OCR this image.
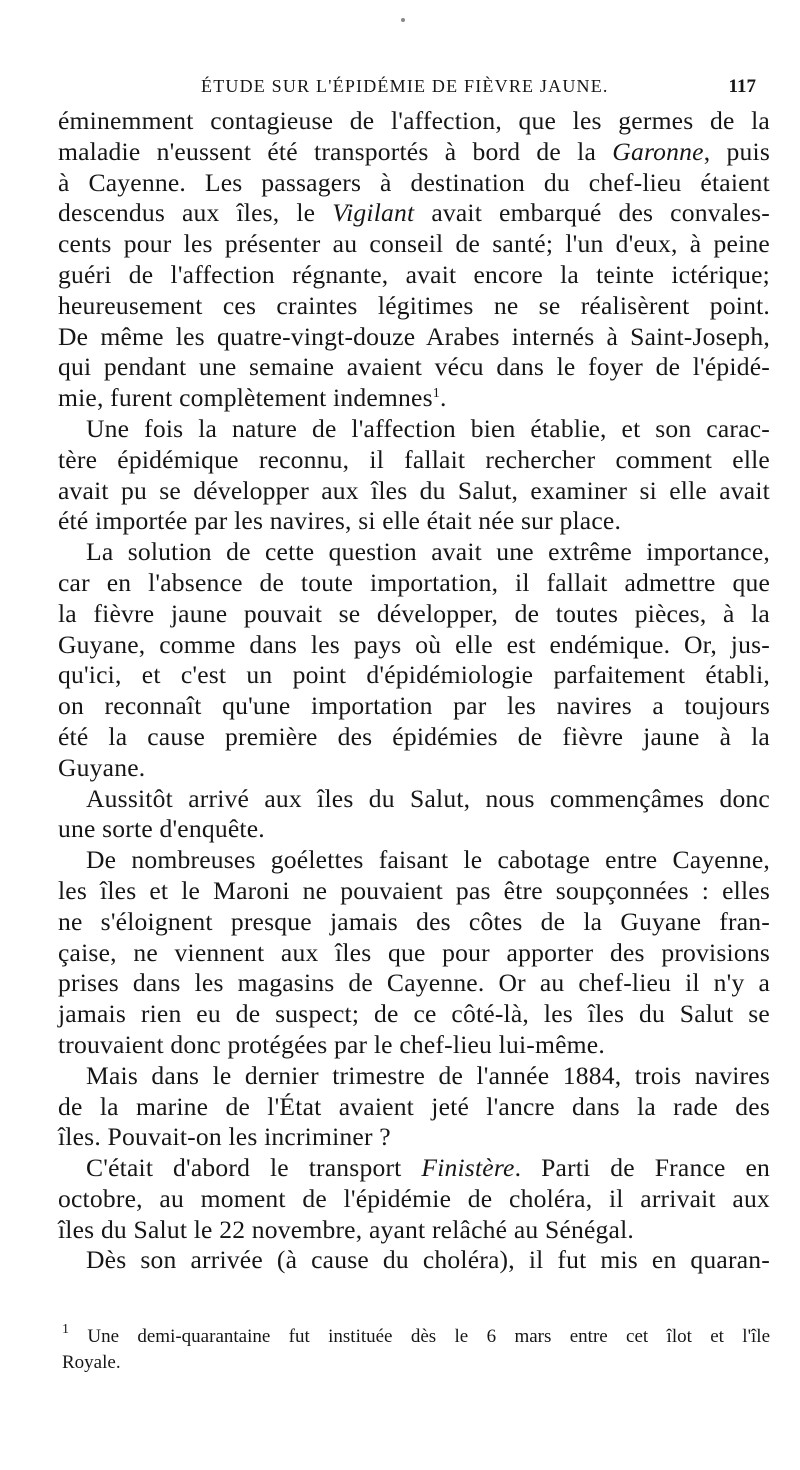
ÉTUDE SUR L'ÉPIDÉMIE DE FIÈVRE JAUNE.	117
éminemment contagieuse de l'affection, que les germes de la
maladie n'eussent été transportés à bord de la Garonne, puis
à Cayenne. Les passagers à destination du chef-lieu étaient
descendus aux îles, le Vigilant avait embarqué des convales-
cents pour les présenter au conseil de santé; l'un d'eux, à peine
guéri de l'affection régnante, avait encore la teinte ictérique;
heureusement ces craintes légitimes ne se réalisèrent point.
De même les quatre-vingt-douze Arabes internés à Saint-Joseph,
qui pendant une semaine avaient vécu dans le foyer de l'épidé-
mie, furent complètement indemnes$^1$.
Une fois la nature de l'affection bien établie, et son carac-
tère épidémique reconnu, il fallait rechercher comment elle
avait pu se développer aux îles du Salut, examiner si elle avait
été importée par les navires, si elle était née sur place.
La solution de cette question avait une extrême importance,
car en l'absence de toute importation, il fallait admettre que
la fièvre jaune pouvait se développer, de toutes pièces, à la
Guyane, comme dans les pays où elle est endémique. Or, jus-
qu'ici, et c'est un point d'épidémiologie parfaitement établi,
on reconnaît qu'une importation par les navires a toujours
été la cause première des épidémies de fièvre jaune à la
Guyane.
Aussitôt arrivé aux îles du Salut, nous commençâmes donc
une sorte d'enquête.
De nombreuses goélettes faisant le cabotage entre Cayenne,
les îles et le Maroni ne pouvaient pas être soupçonnées : elles
ne s'éloignent presque jamais des côtes de la Guyane fran-
çaise, ne viennent aux îles que pour apporter des provisions
prises dans les magasins de Cayenne. Or au chef-lieu il n'y a
jamais rien eu de suspect; de ce côté-là, les îles du Salut se
trouvaient donc protégées par le chef-lieu lui-même.
Mais dans le dernier trimestre de l'année 1884, trois navires
de la marine de l'État avaient jeté l'ancre dans la rade des
îles. Pouvait-on les incriminer ?
C'était d'abord le transport Finistère. Parti de France en
octobre, au moment de l'épidémie de choléra, il arrivait aux
îles du Salut le 22 novembre, ayant relâché au Sénégal.
Dès son arrivée (à cause du choléra), il fut mis en quaran-
$^1$ Une demi-quarantaine fut instituée dès le 6 mars entre cet îlot et l'île
Royale.
